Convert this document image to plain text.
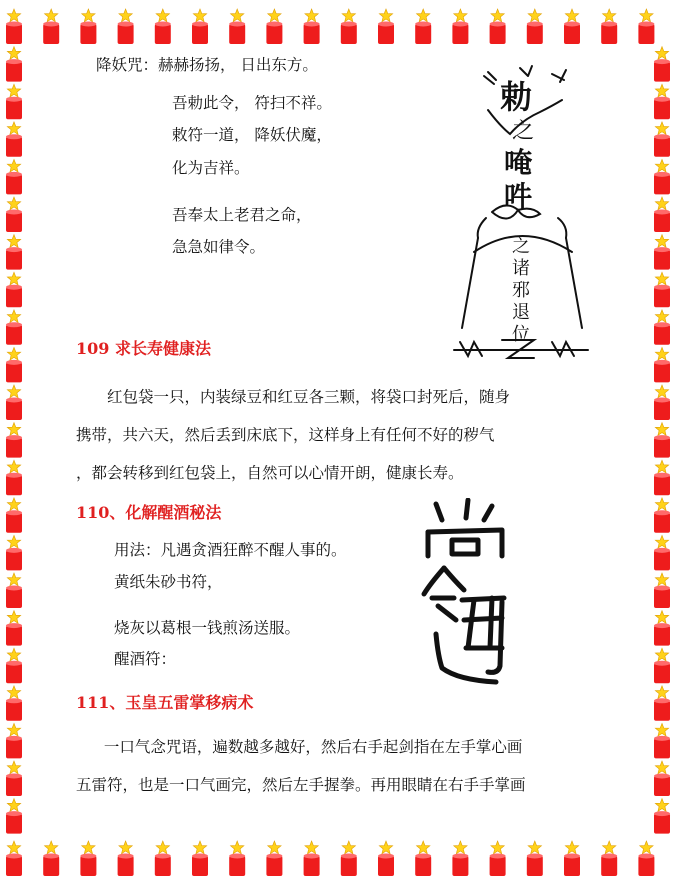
降妖咒：赫赫扬扬， 日出东方。
吾勅此令， 符扫不祥。
敕符一道， 降妖伏魔，
化为吉祥。
吾奉太上老君之命，
急急如律令。
勅
之
唵
吽
之
诸
邪
退
位
109 求长寿健康法
红包袋一只，内装绿豆和红豆各三颗，将袋口封死后，随身
携带，共六天，然后丢到床底下，这样身上有任何不好的秽气
，都会转移到红包袋上，自然可以心情开朗，健康长寿。
110、化解醒酒秘法
用法：凡遇贪酒狂醉不醒人事的。
黄纸朱砂书符，
烧灰以葛根一钱煎汤送服。
醒酒符：
111、玉皇五雷掌移病术
一口气念咒语，遍数越多越好，然后右手起剑指在左手掌心画
五雷符，也是一口气画完，然后左手握拳。再用眼睛在右手手掌画
